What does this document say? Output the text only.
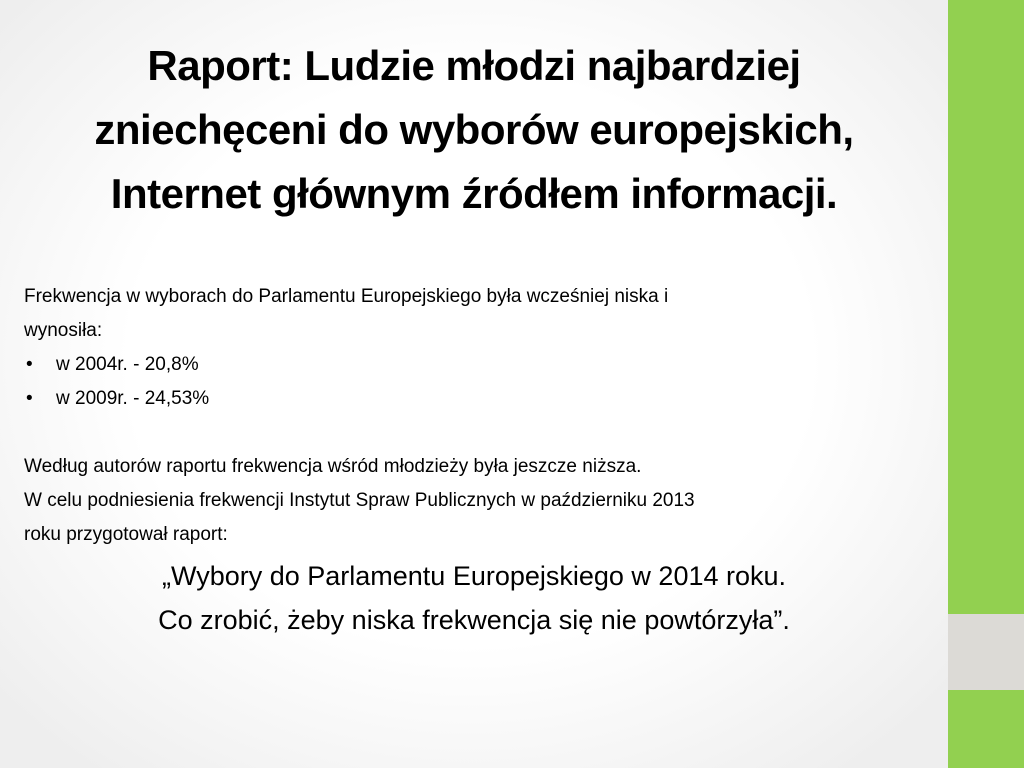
Raport: Ludzie młodzi najbardziej
zniechęceni do wyborów europejskich,
Internet głównym źródłem informacji.

Frekwencja w wyborach do Parlamentu Europejskiego była wcześniej niska i

wynosiła:

• w 2004r. - 20,8%
• w 2009r. - 24,53%

Według autorów raportu frekwencja wśród młodzieży była jeszcze niższa.

W celu podniesienia frekwencji Instytut Spraw Publicznych w październiku 2013

roku przygotował raport:

„Wybory do Parlamentu Europejskiego w 2014 roku.
Co zrobić, żeby niska frekwencja się nie powtórzyła”.
